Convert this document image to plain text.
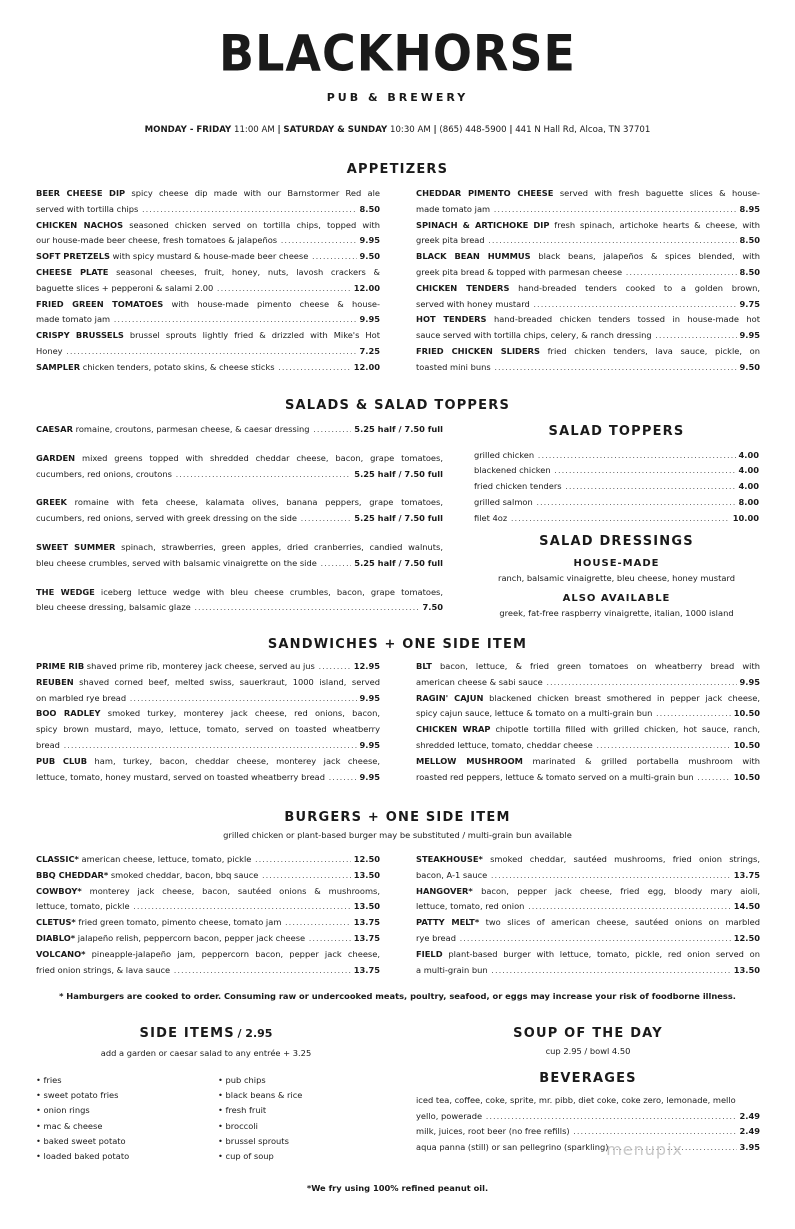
BLACKHORSE
PUB & BREWERY
MONDAY - FRIDAY 11:00 AM | SATURDAY & SUNDAY 10:30 AM | (865) 448-5900 | 441 N Hall Rd, Alcoa, TN 37701
APPETIZERS
BEER CHEESE DIP spicy cheese dip made with our Barnstormer Red ale
served with tortilla chips .....	8.50
CHICKEN NACHOS seasoned chicken served on tortilla chips, topped with
our house-made beer cheese, fresh tomatoes & jalapeños .....	9.95
SOFT PRETZELS with spicy mustard & house-made beer cheese .....	9.50
CHEESE PLATE seasonal cheeses, fruit, honey, nuts, lavosh crackers &
baguette slices + pepperoni & salami 2.00 .....	12.00
FRIED GREEN TOMATOES with house-made pimento cheese & house-
made tomato jam .....	9.95
CRISPY BRUSSELS brussel sprouts lightly fried & drizzled with Mike's Hot
Honey .....	7.25
SAMPLER chicken tenders, potato skins, & cheese sticks .....	12.00
CHEDDAR PIMENTO CHEESE served with fresh baguette slices & house-
made tomato jam .....	8.95
SPINACH & ARTICHOKE DIP fresh spinach, artichoke hearts & cheese, with
greek pita bread .....	8.50
BLACK BEAN HUMMUS black beans, jalapeños & spices blended, with
greek pita bread & topped with parmesan cheese .....	8.50
CHICKEN TENDERS hand-breaded tenders cooked to a golden brown,
served with honey mustard .....	9.75
HOT TENDERS hand-breaded chicken tenders tossed in house-made hot
sauce served with tortilla chips, celery, & ranch dressing .....	9.95
FRIED CHICKEN SLIDERS fried chicken tenders, lava sauce, pickle, on
toasted mini buns .....	9.50
SALADS & SALAD TOPPERS
CAESAR romaine, croutons, parmesan cheese, & caesar dressing .....	5.25 half / 7.50 full
GARDEN mixed greens topped with shredded cheddar cheese, bacon, grape tomatoes,
cucumbers, red onions, croutons .....	5.25 half / 7.50 full
GREEK romaine with feta cheese, kalamata olives, banana peppers, grape tomatoes,
cucumbers, red onions, served with greek dressing on the side .....	5.25 half / 7.50 full
SWEET SUMMER spinach, strawberries, green apples, dried cranberries, candied walnuts,
bleu cheese crumbles, served with balsamic vinaigrette on the side .....	5.25 half / 7.50 full
THE WEDGE iceberg lettuce wedge with bleu cheese crumbles, bacon, grape tomatoes,
bleu cheese dressing, balsamic glaze .....	7.50
SALAD TOPPERS
grilled chicken .....	4.00
blackened chicken .....	4.00
fried chicken tenders .....	4.00
grilled salmon .....	8.00
filet 4oz .....	10.00
SALAD DRESSINGS
HOUSE-MADE
ranch, balsamic vinaigrette, bleu cheese, honey mustard
ALSO AVAILABLE
greek, fat-free raspberry vinaigrette, italian, 1000 island
SANDWICHES + ONE SIDE ITEM
PRIME RIB shaved prime rib, monterey jack cheese, served au jus .....	12.95
REUBEN shaved corned beef, melted swiss, sauerkraut, 1000 island, served
on marbled rye bread .....	9.95
BOO RADLEY smoked turkey, monterey jack cheese, red onions, bacon,
spicy brown mustard, mayo, lettuce, tomato, served on toasted wheatberry
bread .....	9.95
PUB CLUB ham, turkey, bacon, cheddar cheese, monterey jack cheese,
lettuce, tomato, honey mustard, served on toasted wheatberry bread .....	9.95
BLT bacon, lettuce, & fried green tomatoes on wheatberry bread with
american cheese & sabi sauce .....	9.95
RAGIN' CAJUN blackened chicken breast smothered in pepper jack cheese,
spicy cajun sauce, lettuce & tomato on a multi-grain bun .....	10.50
CHICKEN WRAP chipotle tortilla filled with grilled chicken, hot sauce, ranch,
shredded lettuce, tomato, cheddar cheese .....	10.50
MELLOW MUSHROOM marinated & grilled portabella mushroom with
roasted red peppers, lettuce & tomato served on a multi-grain bun .....	10.50
BURGERS + ONE SIDE ITEM
grilled chicken or plant-based burger may be substituted / multi-grain bun available
CLASSIC* american cheese, lettuce, tomato, pickle .....	12.50
BBQ CHEDDAR* smoked cheddar, bacon, bbq sauce .....	13.50
COWBOY* monterey jack cheese, bacon, sautéed onions & mushrooms,
lettuce, tomato, pickle .....	13.50
CLETUS* fried green tomato, pimento cheese, tomato jam .....	13.75
DIABLO* jalapeño relish, peppercorn bacon, pepper jack cheese .....	13.75
VOLCANO* pineapple-jalapeño jam, peppercorn bacon, pepper jack cheese,
fried onion strings, & lava sauce .....	13.75
STEAKHOUSE* smoked cheddar, sautéed mushrooms, fried onion strings,
bacon, A-1 sauce .....	13.75
HANGOVER* bacon, pepper jack cheese, fried egg, bloody mary aioli,
lettuce, tomato, red onion .....	14.50
PATTY MELT* two slices of american cheese, sautéed onions on marbled
rye bread .....	12.50
FIELD plant-based burger with lettuce, tomato, pickle, red onion served on
a multi-grain bun .....	13.50
* Hamburgers are cooked to order. Consuming raw or undercooked meats, poultry, seafood, or eggs may increase your risk of foodborne illness.
SIDE ITEMS / 2.95
add a garden or caesar salad to any entrée + 3.25
• fries
• sweet potato fries
• onion rings
• mac & cheese
• baked sweet potato
• loaded baked potato
• pub chips
• black beans & rice
• fresh fruit
• broccoli
• brussel sprouts
• cup of soup
SOUP OF THE DAY
cup 2.95 / bowl 4.50
BEVERAGES
iced tea, coffee, coke, sprite, mr. pibb, diet coke, coke zero, lemonade, mello
yello, powerade .....	2.49
milk, juices, root beer (no free refills) .....	2.49
aqua panna (still) or san pellegrino (sparkling) .....	3.95
*We fry using 100% refined peanut oil.
menupix
